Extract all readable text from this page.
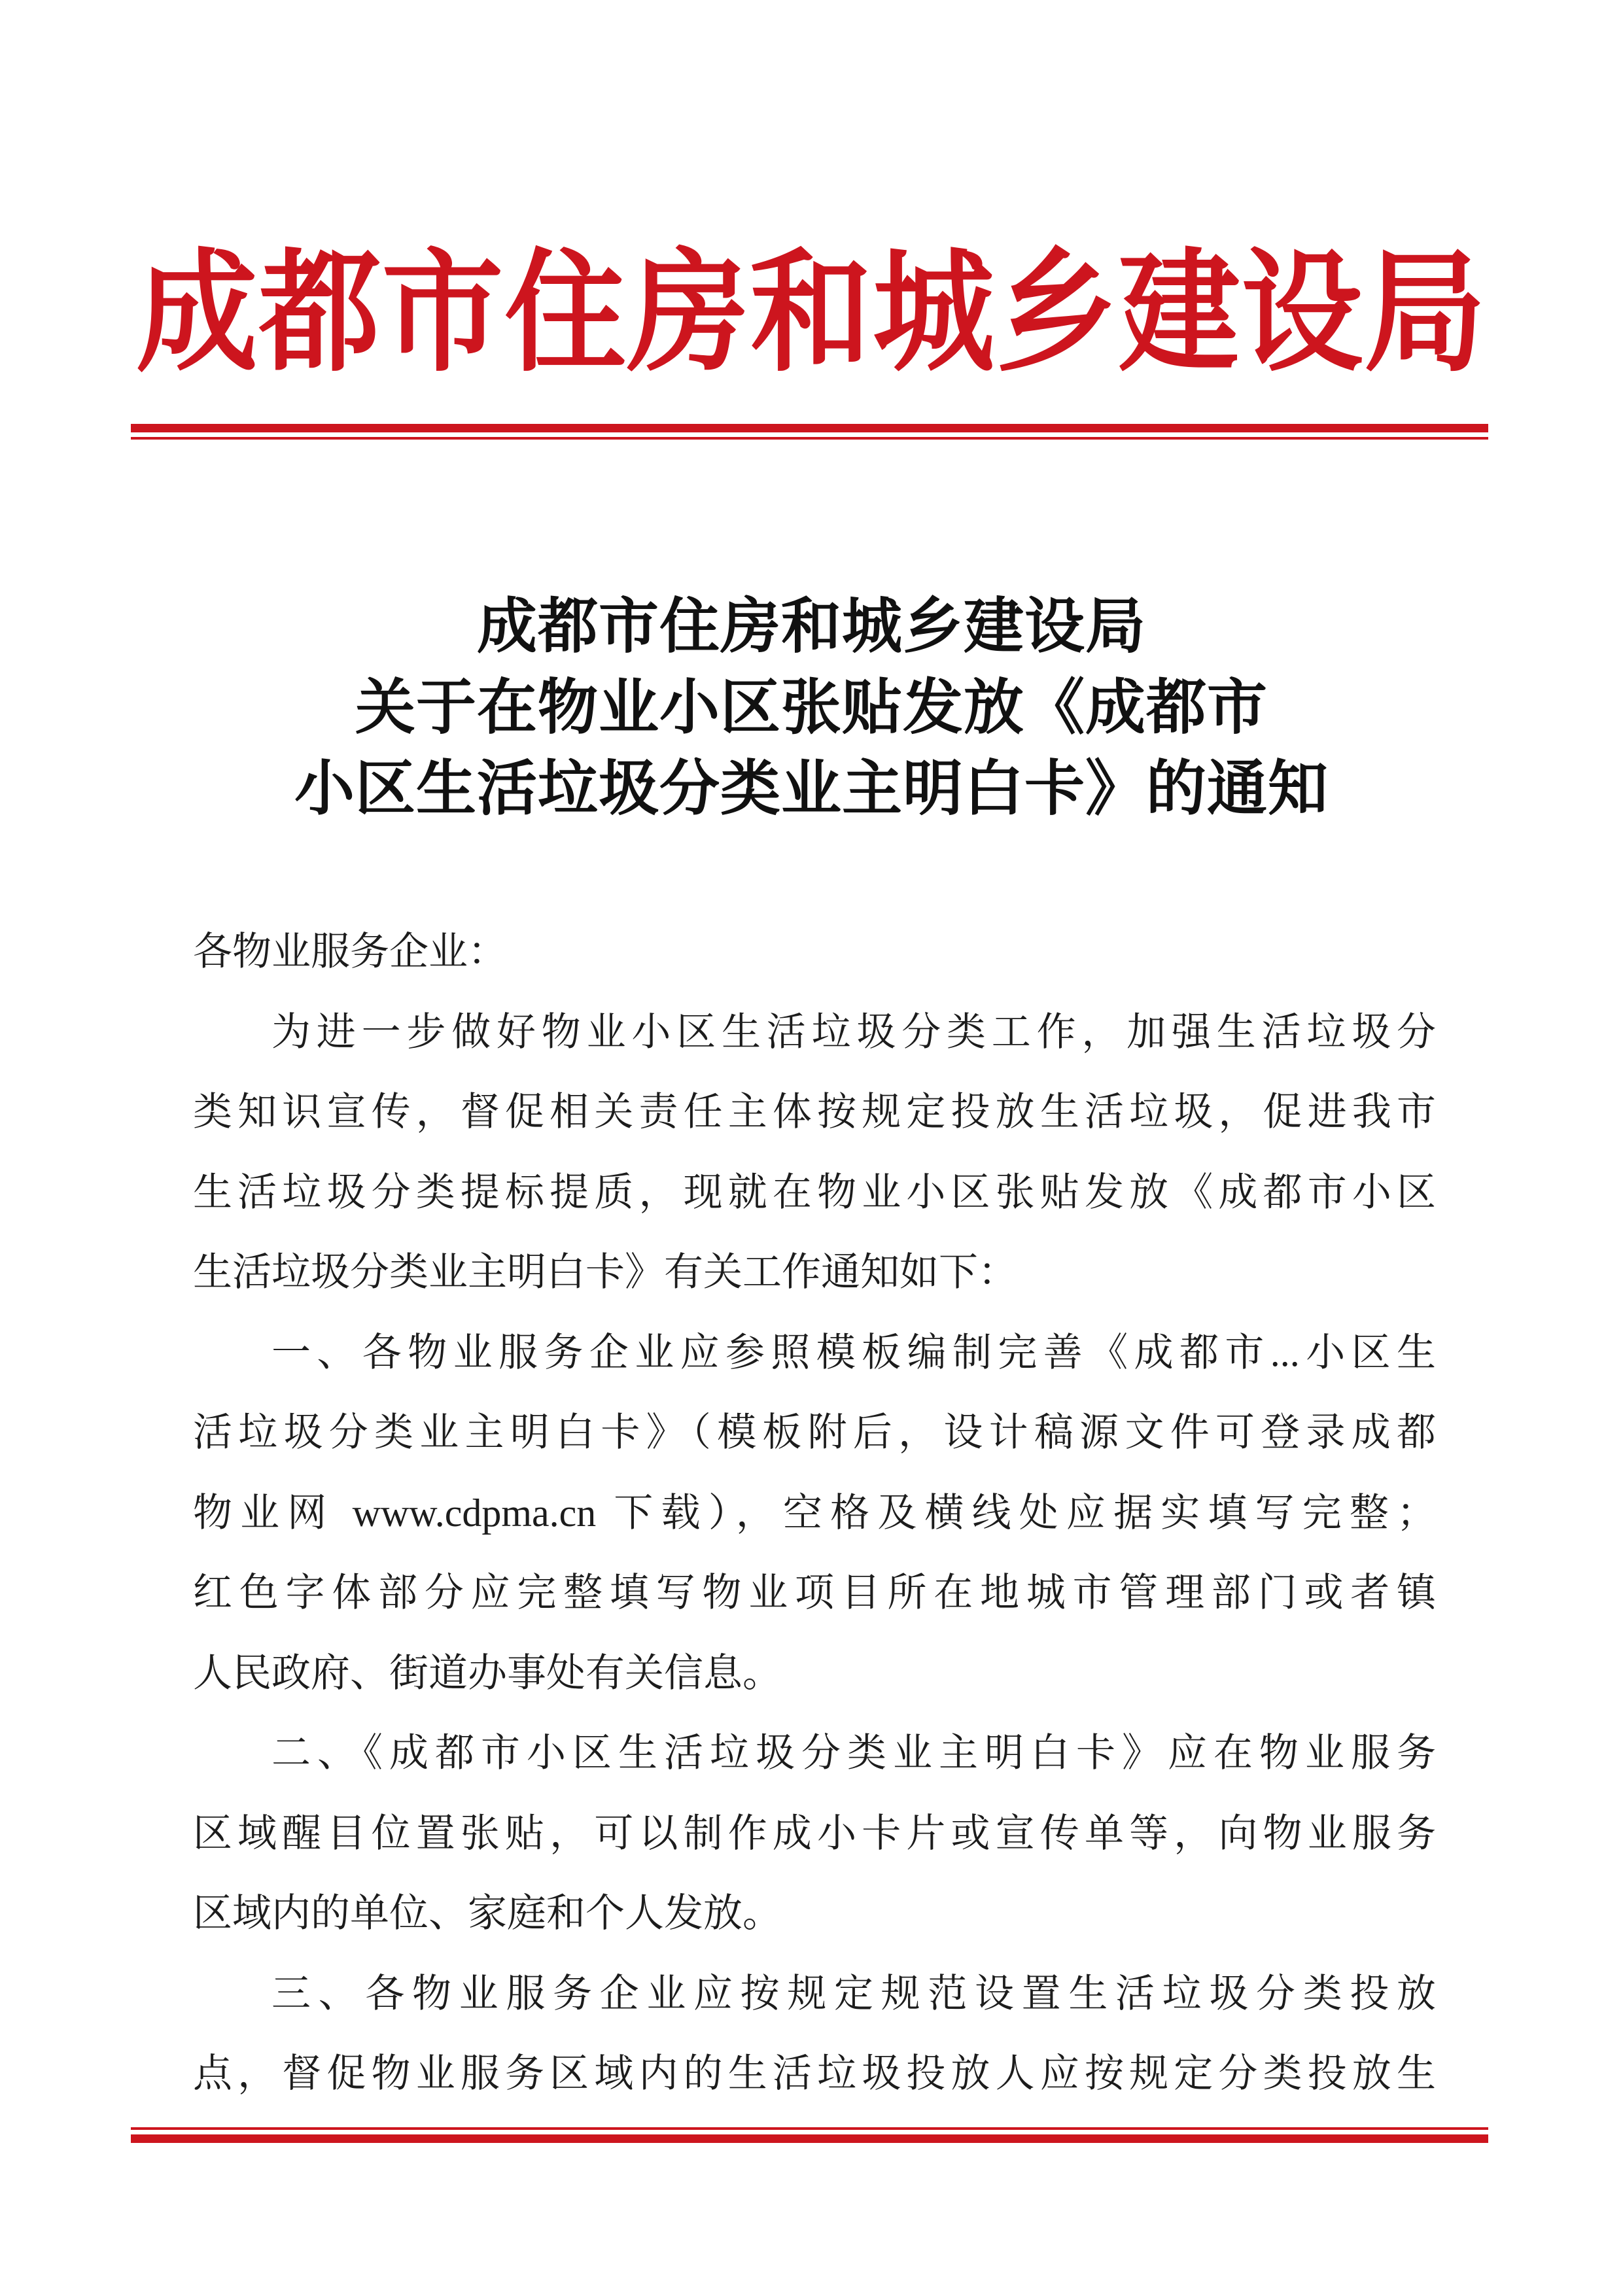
成都市住房和城乡建设局
成都市住房和城乡建设局
关于在物业小区张贴发放《成都市
小区生活垃圾分类业主明白卡》的通知
各物业服务企业：
为进一步做好物业小区生活垃圾分类工作，加强生活垃圾分
类知识宣传，督促相关责任主体按规定投放生活垃圾，促进我市
生活垃圾分类提标提质，现就在物业小区张贴发放《成都市小区
生活垃圾分类业主明白卡》有关工作通知如下：
一、各物业服务企业应参照模板编制完善《成都市...小区生
活垃圾分类业主明白卡》（模板附后，设计稿源文件可登录成都
物业网 www.cdpma.cn 下载），空格及横线处应据实填写完整；
红色字体部分应完整填写物业项目所在地城市管理部门或者镇
人民政府、街道办事处有关信息。
二、《成都市小区生活垃圾分类业主明白卡》应在物业服务
区域醒目位置张贴，可以制作成小卡片或宣传单等，向物业服务
区域内的单位、家庭和个人发放。
三、各物业服务企业应按规定规范设置生活垃圾分类投放
点，督促物业服务区域内的生活垃圾投放人应按规定分类投放生
